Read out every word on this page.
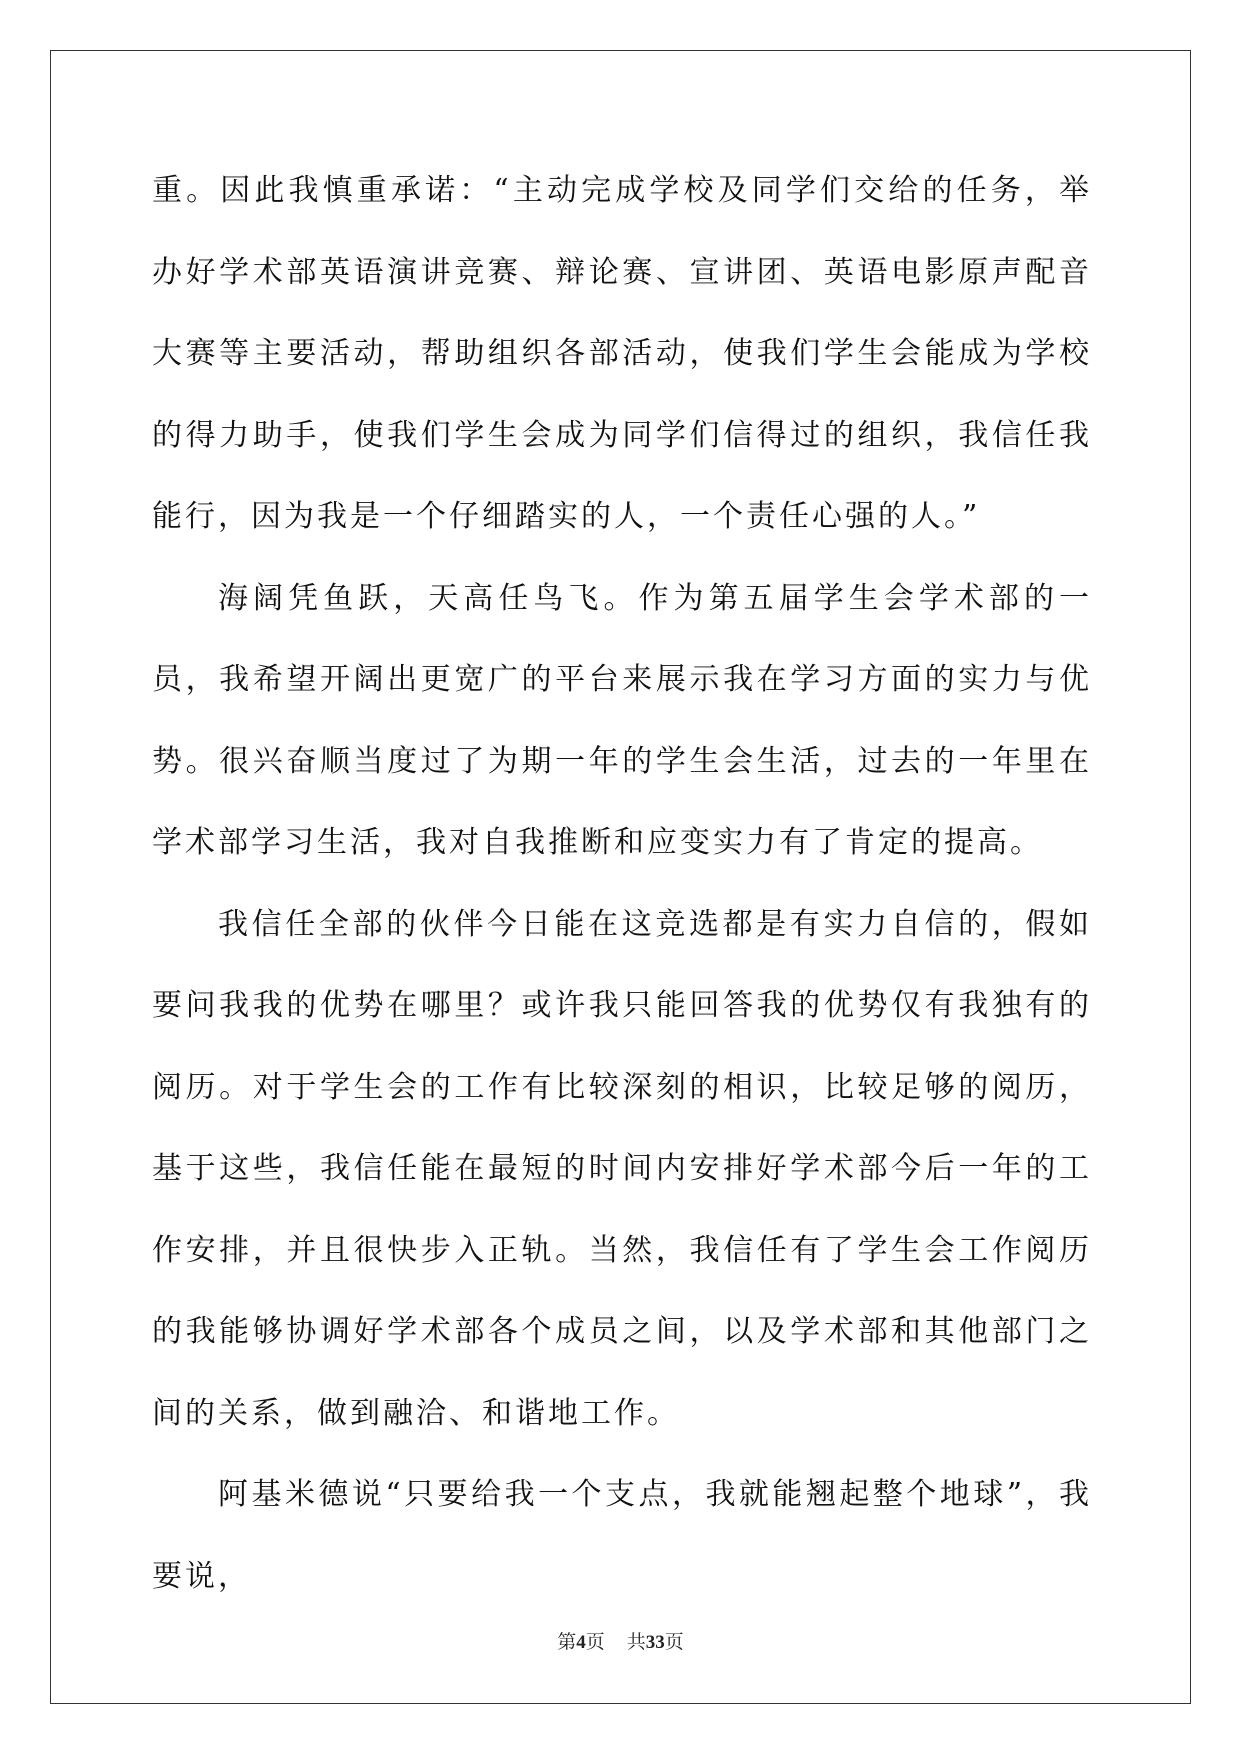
重。因此我慎重承诺：“主动完成学校及同学们交给的任务，举办好学术部英语演讲竞赛、辩论赛、宣讲团、英语电影原声配音大赛等主要活动，帮助组织各部活动，使我们学生会能成为学校的得力助手，使我们学生会成为同学们信得过的组织，我信任我能行，因为我是一个仔细踏实的人，一个责任心强的人。”

海阔凭鱼跃，天高任鸟飞。作为第五届学生会学术部的一员，我希望开阔出更宽广的平台来展示我在学习方面的实力与优势。很兴奋顺当度过了为期一年的学生会生活，过去的一年里在学术部学习生活，我对自我推断和应变实力有了肯定的提高。

我信任全部的伙伴今日能在这竞选都是有实力自信的，假如要问我我的优势在哪里？或许我只能回答我的优势仅有我独有的阅历。对于学生会的工作有比较深刻的相识，比较足够的阅历，基于这些，我信任能在最短的时间内安排好学术部今后一年的工作安排，并且很快步入正轨。当然，我信任有了学生会工作阅历的我能够协调好学术部各个成员之间，以及学术部和其他部门之间的关系，做到融洽、和谐地工作。

阿基米德说“只要给我一个支点，我就能翘起整个地球”，我要说，

第4页 共33页
